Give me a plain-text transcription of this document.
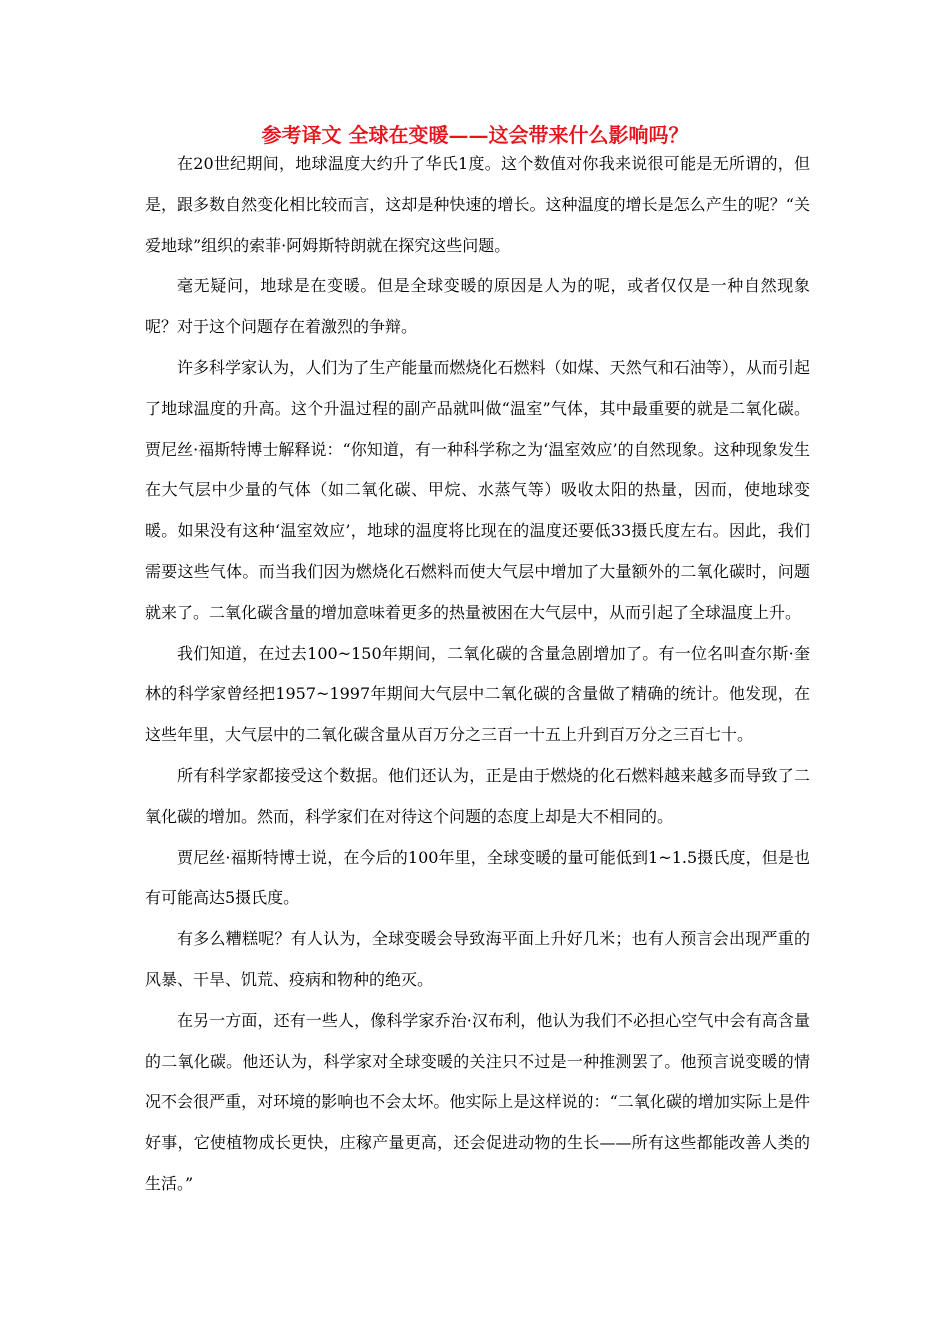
参考译文 全球在变暖——这会带来什么影响吗？

在20世纪期间，地球温度大约升了华氏1度。这个数值对你我来说很可能是无所谓的，但是，跟多数自然变化相比较而言，这却是种快速的增长。这种温度的增长是怎么产生的呢？“关爱地球”组织的索菲·阿姆斯特朗就在探究这些问题。

毫无疑问，地球是在变暖。但是全球变暖的原因是人为的呢，或者仅仅是一种自然现象呢？对于这个问题存在着激烈的争辩。

许多科学家认为，人们为了生产能量而燃烧化石燃料（如煤、天然气和石油等），从而引起了地球温度的升高。这个升温过程的副产品就叫做“温室”气体，其中最重要的就是二氧化碳。贾尼丝·福斯特博士解释说：“你知道，有一种科学称之为‘温室效应’的自然现象。这种现象发生在大气层中少量的气体（如二氧化碳、甲烷、水蒸气等）吸收太阳的热量，因而，使地球变暖。如果没有这种‘温室效应’，地球的温度将比现在的温度还要低33摄氏度左右。因此，我们需要这些气体。而当我们因为燃烧化石燃料而使大气层中增加了大量额外的二氧化碳时，问题就来了。二氧化碳含量的增加意味着更多的热量被困在大气层中，从而引起了全球温度上升。

我们知道，在过去100~150年期间，二氧化碳的含量急剧增加了。有一位名叫查尔斯·奎林的科学家曾经把1957~1997年期间大气层中二氧化碳的含量做了精确的统计。他发现，在这些年里，大气层中的二氧化碳含量从百万分之三百一十五上升到百万分之三百七十。

所有科学家都接受这个数据。他们还认为，正是由于燃烧的化石燃料越来越多而导致了二氧化碳的增加。然而，科学家们在对待这个问题的态度上却是大不相同的。

贾尼丝·福斯特博士说，在今后的100年里，全球变暖的量可能低到1~1.5摄氏度，但是也有可能高达5摄氏度。

有多么糟糕呢？有人认为，全球变暖会导致海平面上升好几米；也有人预言会出现严重的风暴、干旱、饥荒、疫病和物种的绝灭。

在另一方面，还有一些人，像科学家乔治·汉布利，他认为我们不必担心空气中会有高含量的二氧化碳。他还认为，科学家对全球变暖的关注只不过是一种推测罢了。他预言说变暖的情况不会很严重，对环境的影响也不会太坏。他实际上是这样说的：“二氧化碳的增加实际上是件好事，它使植物成长更快，庄稼产量更高，还会促进动物的生长——所有这些都能改善人类的生活。”
